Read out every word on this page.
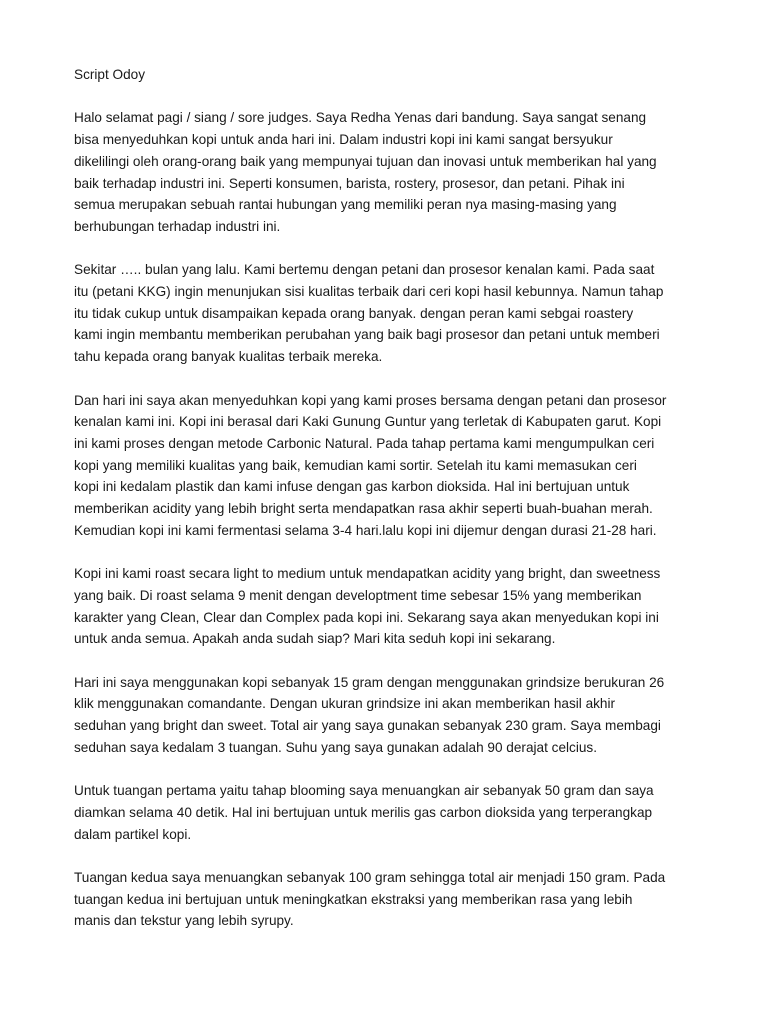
Script Odoy
Halo selamat pagi / siang / sore judges. Saya Redha Yenas dari bandung. Saya sangat senang
bisa menyeduhkan kopi untuk anda hari ini. Dalam industri kopi ini kami sangat bersyukur
dikelilingi oleh orang-orang baik yang mempunyai tujuan dan inovasi untuk memberikan hal yang
baik terhadap industri ini. Seperti konsumen, barista, rostery, prosesor, dan petani. Pihak ini
semua merupakan sebuah rantai hubungan yang memiliki peran nya masing-masing yang
berhubungan terhadap industri ini.
Sekitar ….. bulan yang lalu. Kami bertemu dengan petani dan prosesor kenalan kami. Pada saat
itu (petani KKG) ingin menunjukan sisi kualitas terbaik dari ceri kopi hasil kebunnya. Namun tahap
itu tidak cukup untuk disampaikan kepada orang banyak. dengan peran kami sebgai roastery
kami ingin membantu memberikan perubahan yang baik bagi prosesor dan petani untuk memberi
tahu kepada orang banyak kualitas terbaik mereka.
Dan hari ini saya akan menyeduhkan kopi yang kami proses bersama dengan petani dan prosesor
kenalan kami ini. Kopi ini berasal dari Kaki Gunung Guntur yang terletak di Kabupaten garut. Kopi
ini kami proses dengan metode Carbonic Natural. Pada tahap pertama kami mengumpulkan ceri
kopi yang memiliki kualitas yang baik, kemudian kami sortir. Setelah itu kami memasukan ceri
kopi ini kedalam plastik dan kami infuse dengan gas karbon dioksida. Hal ini bertujuan untuk
memberikan acidity yang lebih bright serta mendapatkan rasa akhir seperti buah-buahan merah.
Kemudian kopi ini kami fermentasi selama 3-4 hari.lalu kopi ini dijemur dengan durasi 21-28 hari.
Kopi ini kami roast secara light to medium untuk mendapatkan acidity yang bright, dan sweetness
yang baik. Di roast selama 9 menit dengan developtment time sebesar 15% yang memberikan
karakter yang Clean, Clear dan Complex pada kopi ini. Sekarang saya akan menyedukan kopi ini
untuk anda semua. Apakah anda sudah siap? Mari kita seduh kopi ini sekarang.
Hari ini saya menggunakan kopi sebanyak 15 gram dengan menggunakan grindsize berukuran 26
klik menggunakan comandante. Dengan ukuran grindsize ini akan memberikan hasil akhir
seduhan yang bright dan sweet. Total air yang saya gunakan sebanyak 230 gram. Saya membagi
seduhan saya kedalam 3 tuangan. Suhu yang saya gunakan adalah 90 derajat celcius.
Untuk tuangan pertama yaitu tahap blooming saya menuangkan air sebanyak 50 gram dan saya
diamkan selama 40 detik. Hal ini bertujuan untuk merilis gas carbon dioksida yang terperangkap
dalam partikel kopi.
Tuangan kedua saya menuangkan sebanyak 100 gram sehingga total air menjadi 150 gram. Pada
tuangan kedua ini bertujuan untuk meningkatkan ekstraksi yang memberikan rasa yang lebih
manis dan tekstur yang lebih syrupy.
